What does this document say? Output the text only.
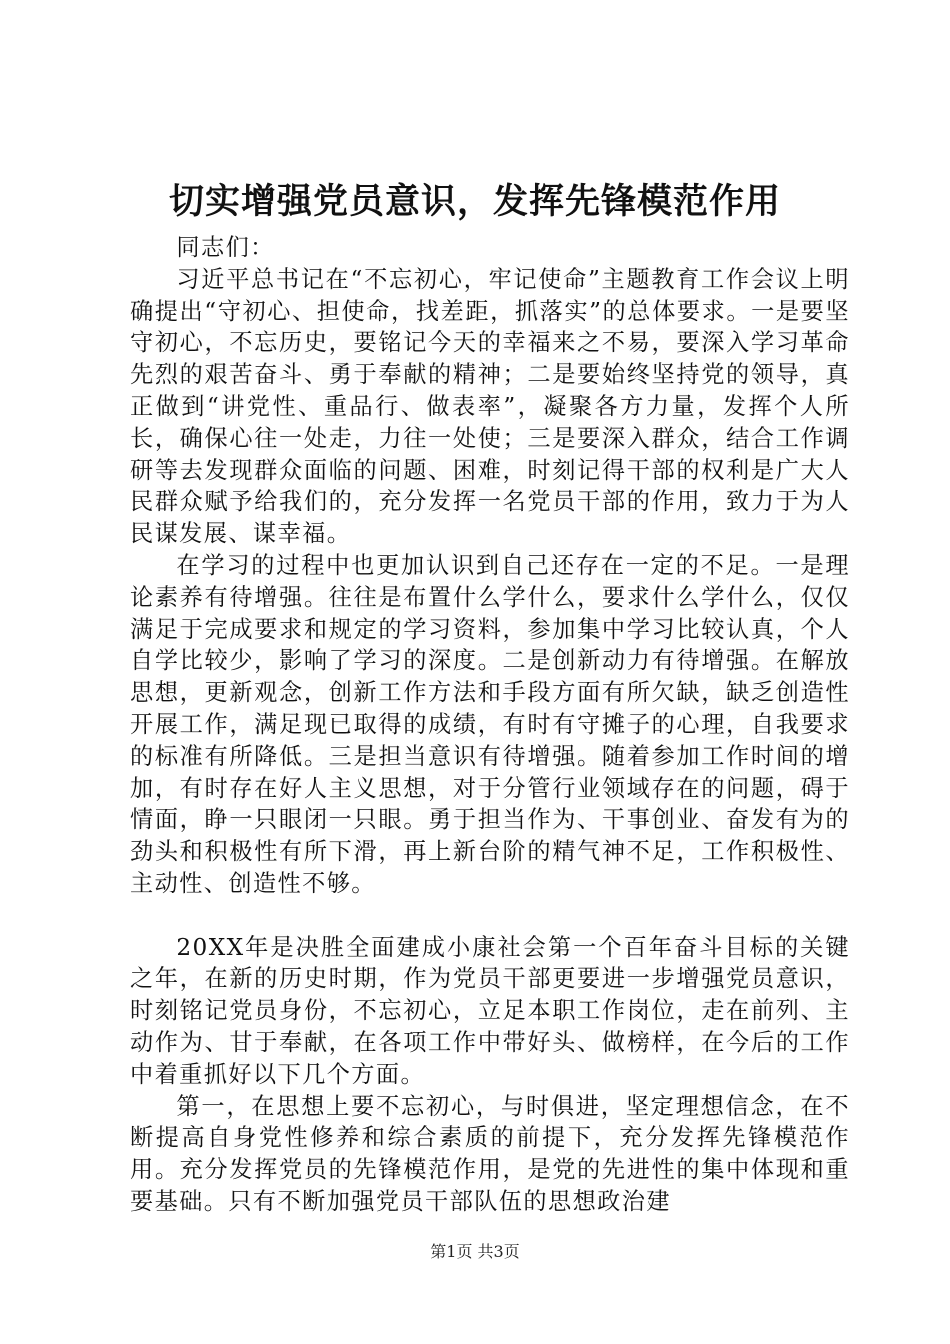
切实增强党员意识，发挥先锋模范作用

同志们：

习近平总书记在“不忘初心，牢记使命”主题教育工作会议上明确提出“守初心、担使命，找差距，抓落实”的总体要求。一是要坚守初心，不忘历史，要铭记今天的幸福来之不易，要深入学习革命先烈的艰苦奋斗、勇于奉献的精神；二是要始终坚持党的领导，真正做到“讲党性、重品行、做表率”，凝聚各方力量，发挥个人所长，确保心往一处走，力往一处使；三是要深入群众，结合工作调研等去发现群众面临的问题、困难，时刻记得干部的权利是广大人民群众赋予给我们的，充分发挥一名党员干部的作用，致力于为人民谋发展、谋幸福。

在学习的过程中也更加认识到自己还存在一定的不足。一是理论素养有待增强。往往是布置什么学什么，要求什么学什么，仅仅满足于完成要求和规定的学习资料，参加集中学习比较认真，个人自学比较少，影响了学习的深度。二是创新动力有待增强。在解放思想，更新观念，创新工作方法和手段方面有所欠缺，缺乏创造性开展工作，满足现已取得的成绩，有时有守摊子的心理，自我要求的标准有所降低。三是担当意识有待增强。随着参加工作时间的增加，有时存在好人主义思想，对于分管行业领域存在的问题，碍于情面，睁一只眼闭一只眼。勇于担当作为、干事创业、奋发有为的劲头和积极性有所下滑，再上新台阶的精气神不足，工作积极性、主动性、创造性不够。

20XX年是决胜全面建成小康社会第一个百年奋斗目标的关键之年，在新的历史时期，作为党员干部更要进一步增强党员意识，时刻铭记党员身份，不忘初心，立足本职工作岗位，走在前列、主动作为、甘于奉献，在各项工作中带好头、做榜样，在今后的工作中着重抓好以下几个方面。

第一，在思想上要不忘初心，与时俱进，坚定理想信念，在不断提高自身党性修养和综合素质的前提下，充分发挥先锋模范作用。充分发挥党员的先锋模范作用，是党的先进性的集中体现和重要基础。只有不断加强党员干部队伍的思想政治建

第1页 共3页
